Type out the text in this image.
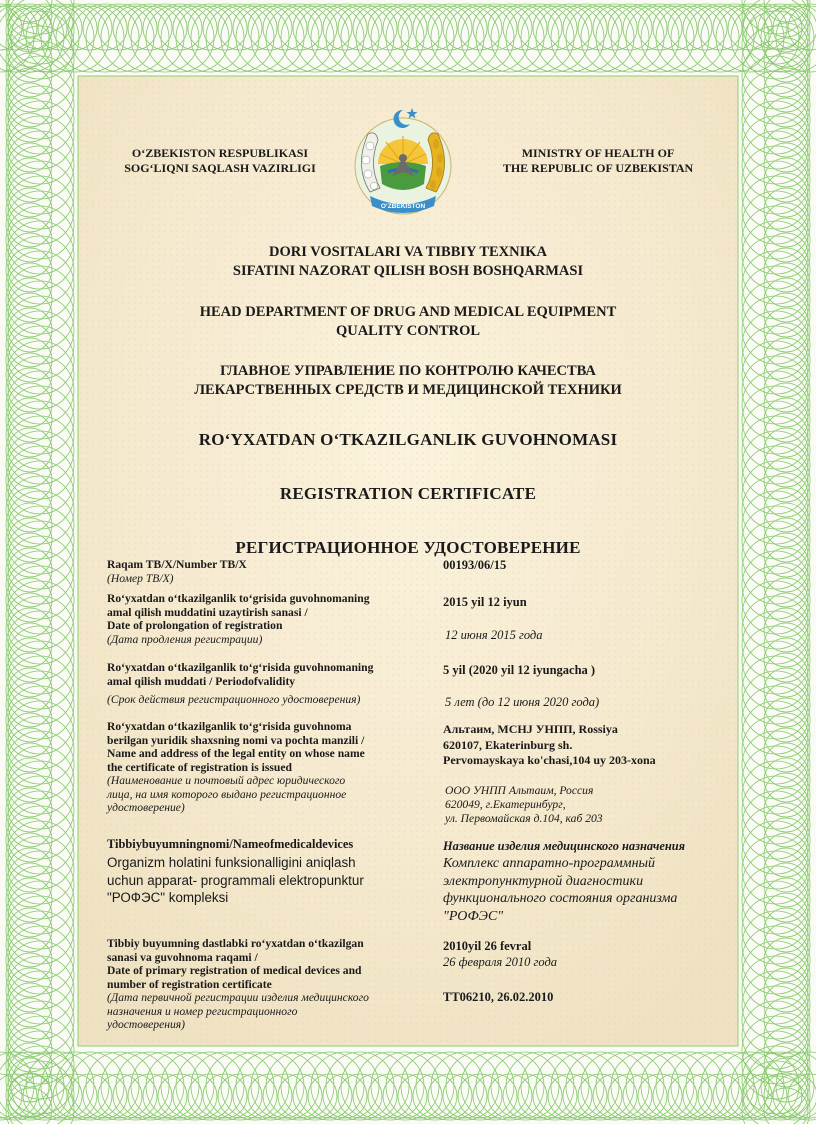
O‘ZBEKISTON RESPUBLIKASI
SOG‘LIQNI SAQLASH VAZIRLIGI
MINISTRY OF HEALTH OF
THE REPUBLIC OF UZBEKISTAN
O‘ZBEKISTON
DORI VOSITALARI VA TIBBIY TEXNIKA
SIFATINI NAZORAT QILISH BOSH BOSHQARMASI
HEAD DEPARTMENT OF DRUG AND MEDICAL EQUIPMENT
QUALITY CONTROL
ГЛАВНОЕ УПРАВЛЕНИЕ ПО КОНТРОЛЮ КАЧЕСТВА
ЛЕКАРСТВЕННЫХ СРЕДСТВ И МЕДИЦИНСКОЙ ТЕХНИКИ
RO‘YXATDAN O‘TKAZILGANLIK GUVOHNOMASI
REGISTRATION CERTIFICATE
РЕГИСТРАЦИОННОЕ УДОСТОВЕРЕНИЕ
Raqam TB/X/Number TB/X
(Номер ТВ/Х)
00193/06/15
Ro‘yxatdan o‘tkazilganlik to‘grisida guvohnomaning
amal qilish muddatini uzaytirish sanasi /
Date of prolongation of registration
(Дата продления регистрации)
2015 yil 12 iyun
12 июня 2015 года
Ro‘yxatdan o‘tkazilganlik to‘g‘risida guvohnomaning
amal qilish muddati / Periodofvalidity
(Срок действия регистрационного удостоверения)
5 yil (2020 yil 12 iyungacha )
5 лет (до 12 июня 2020 года)
Ro‘yxatdan o‘tkazilganlik to‘g‘risida guvohnoma
berilgan yuridik shaxsning nomi va pochta manzili /
Name and address of the legal entity on whose name
the certificate of registration is issued
(Наименование и почтовый адрес юридического
лица, на имя которого выдано регистрационное
удостоверение)
Альтаим, МСНJ УНПП, Rossiya
620107, Ekaterinburg sh.
Pervomayskaya ko'chasi,104 uy 203-xona
ООО УНПП Альтаим, Россия
620049, г.Екатеринбург,
ул. Первомайская д.104, каб 203
Tibbiybuyumningnomi/Nameofmedicaldevices
Organizm holatini funksionalligini aniqlash
uchun apparat- programmali elektropunktur
"РОФЭС" kompleksi
Название изделия медицинского назначения
Комплекс аппаратно-программный
электропунктурной диагностики
функционального состояния организма
"РОФЭС"
Tibbiy buyumning dastlabki ro‘yxatdan o‘tkazilgan
sanasi va guvohnoma raqami /
Date of primary registration of medical devices and
number of registration certificate
(Дата первичной регистрации изделия медицинского
назначения и номер регистрационного
удостоверения)
2010yil 26 fevral
26 февраля 2010 года
ТТ06210, 26.02.2010
